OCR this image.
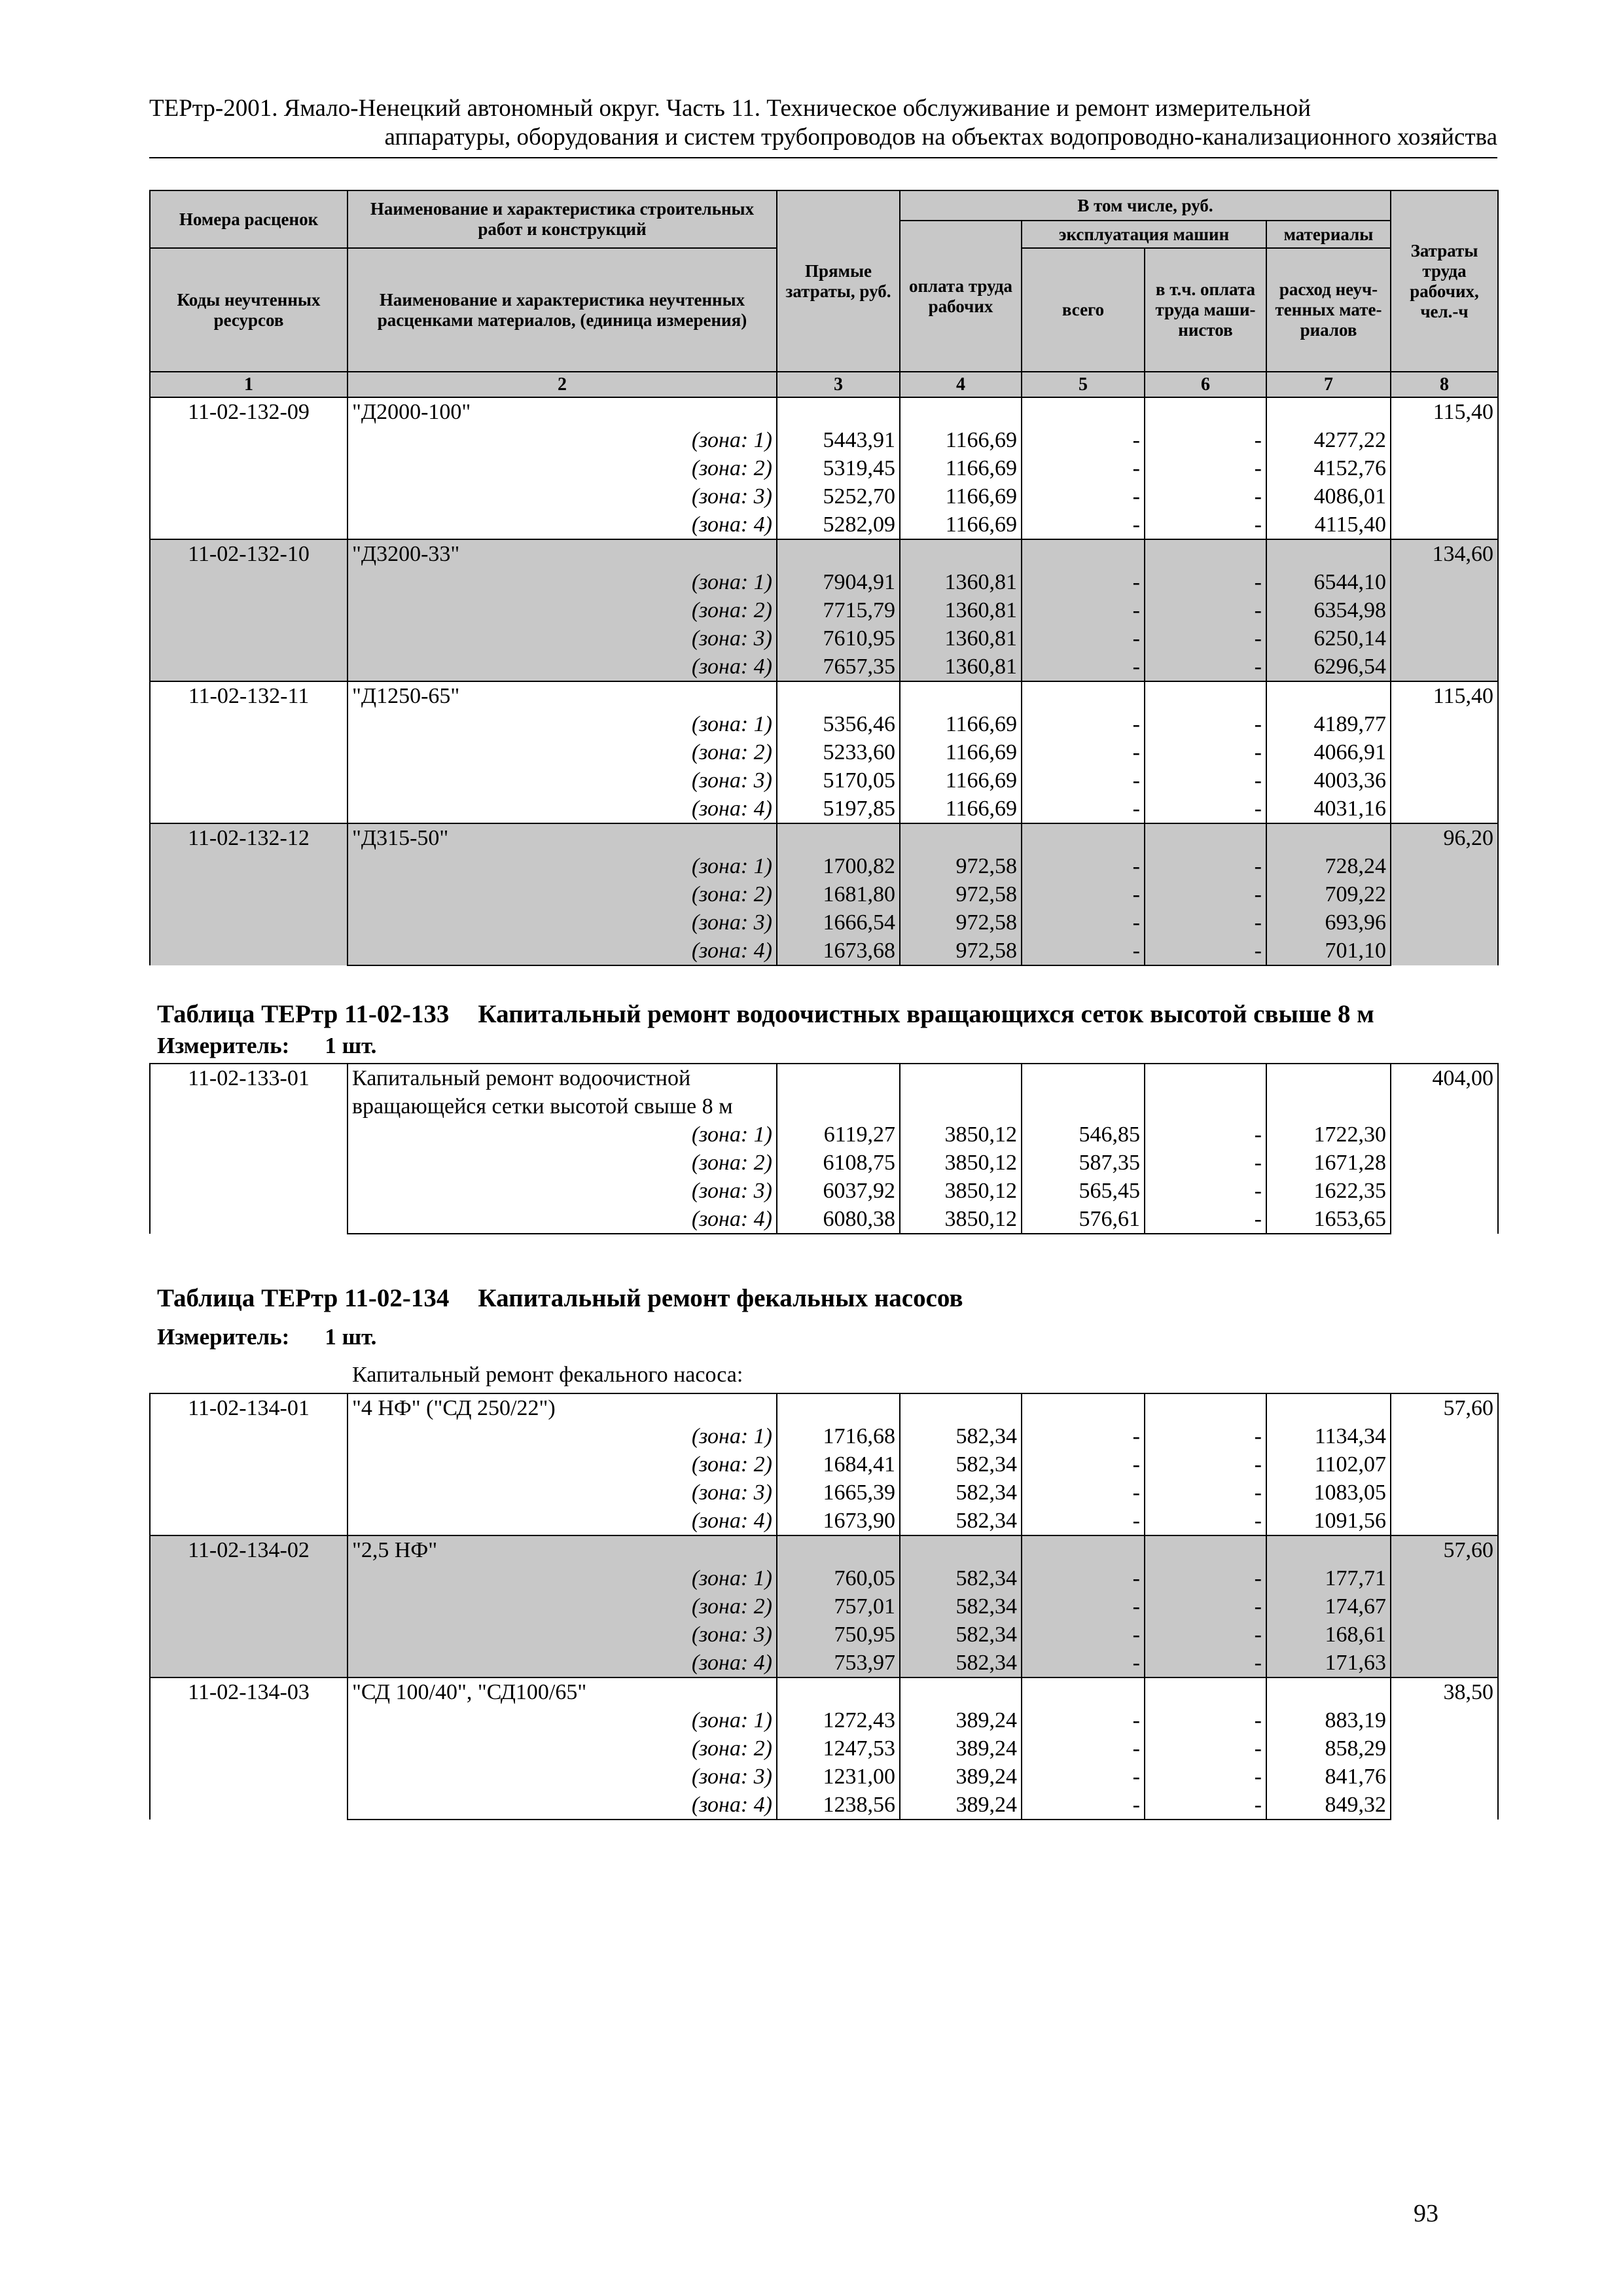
ТЕРтр-2001. Ямало-Ненецкий автономный округ. Часть 11. Техническое обслуживание и ремонт измерительной
аппаратуры, оборудования и систем трубопроводов на объектах водопроводно-канализационного хозяйства
Номера расценок	Наименование и характеристика строительных работ и конструкций	Прямые затраты, руб.	В том числе, руб.				Затраты труда рабочих, чел.-ч
			оплата труда рабочих	эксплуатация машин		материалы	
Коды неучтенных ресурсов	Наименование и характеристика неучтенных расценками материалов, (единица измерения)			всего	в т.ч. оплата труда маши-нистов	расход неуч-тенных мате-риалов	
1	2	3	4	5	6	7	8
11-02-132-09	"Д2000-100"						115,40
	(зона: 1)	5443,91	1166,69	-	-	4277,22	
	(зона: 2)	5319,45	1166,69	-	-	4152,76	
	(зона: 3)	5252,70	1166,69	-	-	4086,01	
	(зона: 4)	5282,09	1166,69	-	-	4115,40	
11-02-132-10	"Д3200-33"						134,60
	(зона: 1)	7904,91	1360,81	-	-	6544,10	
	(зона: 2)	7715,79	1360,81	-	-	6354,98	
	(зона: 3)	7610,95	1360,81	-	-	6250,14	
	(зона: 4)	7657,35	1360,81	-	-	6296,54	
11-02-132-11	"Д1250-65"						115,40
	(зона: 1)	5356,46	1166,69	-	-	4189,77	
	(зона: 2)	5233,60	1166,69	-	-	4066,91	
	(зона: 3)	5170,05	1166,69	-	-	4003,36	
	(зона: 4)	5197,85	1166,69	-	-	4031,16	
11-02-132-12	"Д315-50"						96,20
	(зона: 1)	1700,82	972,58	-	-	728,24	
	(зона: 2)	1681,80	972,58	-	-	709,22	
	(зона: 3)	1666,54	972,58	-	-	693,96	
	(зона: 4)	1673,68	972,58	-	-	701,10	
Таблица ТЕРтр 11-02-133 Капитальный ремонт водоочистных вращающихся сеток высотой свыше 8 м
Измеритель: 1 шт.
11-02-133-01	Капитальный ремонт водоочистной вращающейся сетки высотой свыше 8 м						404,00

	(зона: 1)	6119,27	3850,12	546,85	-	1722,30	
	(зона: 2)	6108,75	3850,12	587,35	-	1671,28	
	(зона: 3)	6037,92	3850,12	565,45	-	1622,35	
	(зона: 4)	6080,38	3850,12	576,61	-	1653,65	
Таблица ТЕРтр 11-02-134 Капитальный ремонт фекальных насосов
Измеритель: 1 шт.
Капитальный ремонт фекального насоса:
11-02-134-01	"4 НФ" ("СД 250/22")						57,60
	(зона: 1)	1716,68	582,34	-	-	1134,34	
	(зона: 2)	1684,41	582,34	-	-	1102,07	
	(зона: 3)	1665,39	582,34	-	-	1083,05	
	(зона: 4)	1673,90	582,34	-	-	1091,56	
11-02-134-02	"2,5 НФ"						57,60
	(зона: 1)	760,05	582,34	-	-	177,71	
	(зона: 2)	757,01	582,34	-	-	174,67	
	(зона: 3)	750,95	582,34	-	-	168,61	
	(зона: 4)	753,97	582,34	-	-	171,63	
11-02-134-03	"СД 100/40", "СД100/65"						38,50
	(зона: 1)	1272,43	389,24	-	-	883,19	
	(зона: 2)	1247,53	389,24	-	-	858,29	
	(зона: 3)	1231,00	389,24	-	-	841,76	
	(зона: 4)	1238,56	389,24	-	-	849,32	
93
